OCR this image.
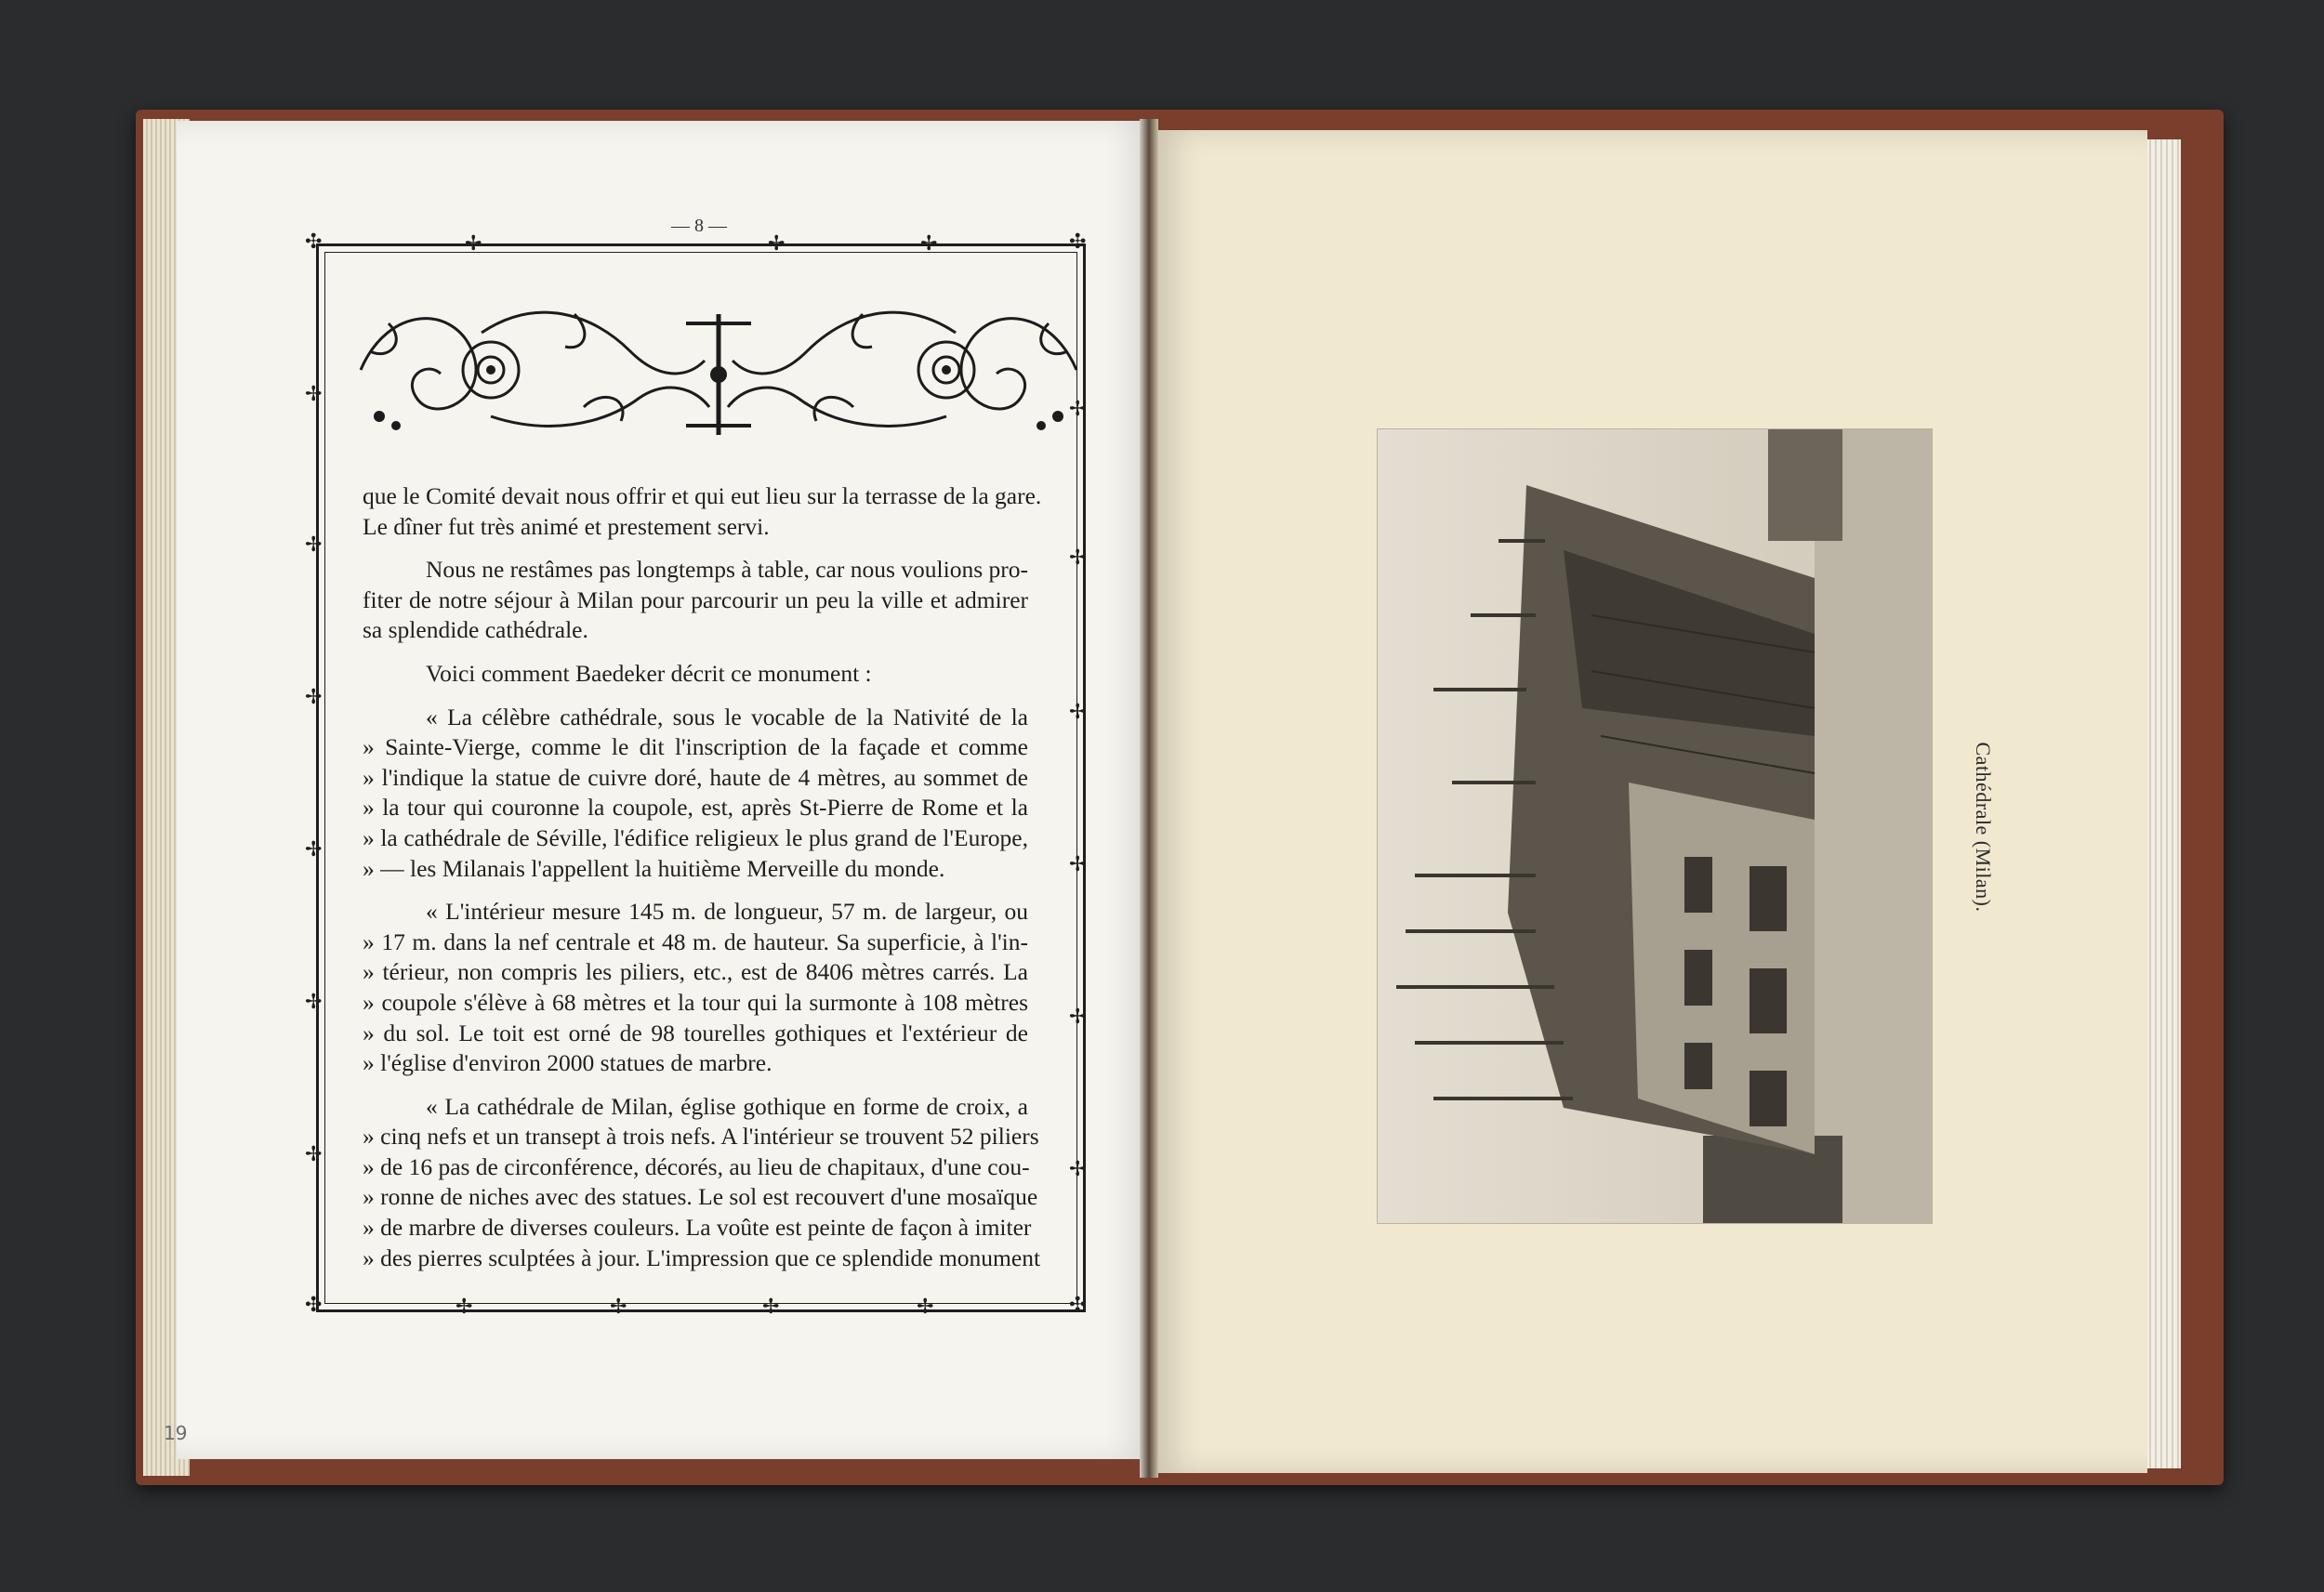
— 8 —
✣	✣
✣	✣
✢	✢	✢
✢	✢	✢	✢
✢
✢
✢
✢
✢
✢
✢
✢
✢
✢
✢
✢

que le Comité devait nous offrir et qui eut lieu sur la terrasse de la gare.
Le dîner fut très animé et prestement servi.

Nous ne restâmes pas longtemps à table, car nous voulions pro-
fiter de notre séjour à Milan pour parcourir un peu la ville et admirer
sa splendide cathédrale.

Voici comment Baedeker décrit ce monument :

« La célèbre cathédrale, sous le vocable de la Nativité de la
» Sainte-Vierge, comme le dit l'inscription de la façade et comme
» l'indique la statue de cuivre doré, haute de 4 mètres, au sommet de
» la tour qui couronne la coupole, est, après St-Pierre de Rome et la
» la cathédrale de Séville, l'édifice religieux le plus grand de l'Europe,
» — les Milanais l'appellent la huitième Merveille du monde.

« L'intérieur mesure 145 m. de longueur, 57 m. de largeur, ou
» 17 m. dans la nef centrale et 48 m. de hauteur. Sa superficie, à l'in-
» térieur, non compris les piliers, etc., est de 8406 mètres carrés. La
» coupole s'élève à 68 mètres et la tour qui la surmonte à 108 mètres
» du sol. Le toit est orné de 98 tourelles gothiques et l'extérieur de
» l'église d'environ 2000 statues de marbre.

« La cathédrale de Milan, église gothique en forme de croix, a
» cinq nefs et un transept à trois nefs. A l'intérieur se trouvent 52 piliers
» de 16 pas de circonférence, décorés, au lieu de chapitaux, d'une cou-
» ronne de niches avec des statues. Le sol est recouvert d'une mosaïque
» de marbre de diverses couleurs. La voûte est peinte de façon à imiter
» des pierres sculptées à jour. L'impression que ce splendide monument

Cathédrale (Milan).
19
